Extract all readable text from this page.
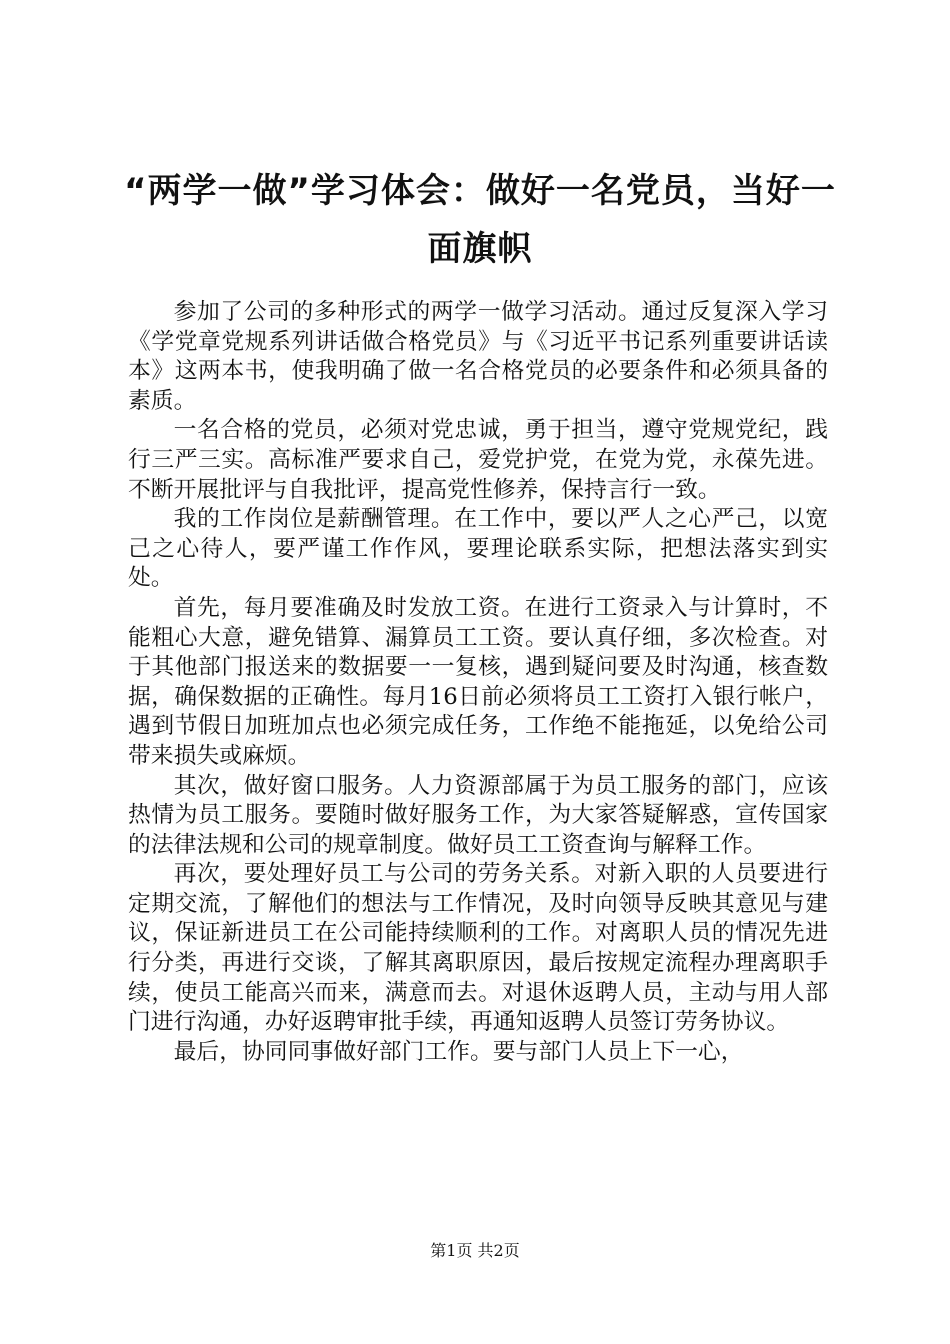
“两学一做”学习体会：做好一名党员，当好一面旗帜

参加了公司的多种形式的两学一做学习活动。通过反复深入学习《学党章党规系列讲话做合格党员》与《习近平书记系列重要讲话读本》这两本书，使我明确了做一名合格党员的必要条件和必须具备的素质。

一名合格的党员，必须对党忠诚，勇于担当，遵守党规党纪，践行三严三实。高标准严要求自己，爱党护党，在党为党，永葆先进。不断开展批评与自我批评，提高党性修养，保持言行一致。

我的工作岗位是薪酬管理。在工作中，要以严人之心严己，以宽己之心待人，要严谨工作作风，要理论联系实际，把想法落实到实处。

首先，每月要准确及时发放工资。在进行工资录入与计算时，不能粗心大意，避免错算、漏算员工工资。要认真仔细，多次检查。对于其他部门报送来的数据要一一复核，遇到疑问要及时沟通，核查数据，确保数据的正确性。每月16日前必须将员工工资打入银行帐户，遇到节假日加班加点也必须完成任务，工作绝不能拖延，以免给公司带来损失或麻烦。

其次，做好窗口服务。人力资源部属于为员工服务的部门，应该热情为员工服务。要随时做好服务工作，为大家答疑解惑，宣传国家的法律法规和公司的规章制度。做好员工工资查询与解释工作。

再次，要处理好员工与公司的劳务关系。对新入职的人员要进行定期交流，了解他们的想法与工作情况，及时向领导反映其意见与建议，保证新进员工在公司能持续顺利的工作。对离职人员的情况先进行分类，再进行交谈，了解其离职原因，最后按规定流程办理离职手续，使员工能高兴而来，满意而去。对退休返聘人员，主动与用人部门进行沟通，办好返聘审批手续，再通知返聘人员签订劳务协议。

最后，协同同事做好部门工作。要与部门人员上下一心，

第1页 共2页
